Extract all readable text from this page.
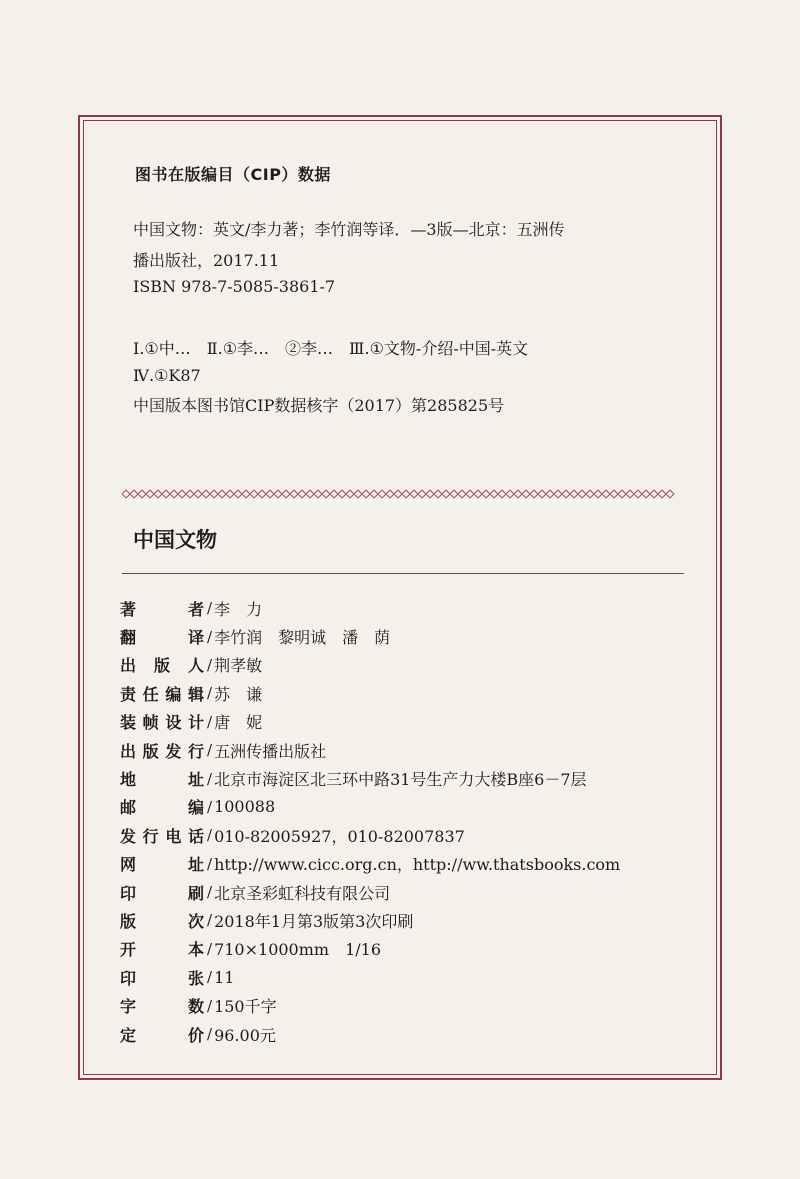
图书在版编目（CIP）数据
中国文物：英文/李力著；李竹润等译．—3版—北京：五洲传
播出版社，2017.11
ISBN 978-7-5085-3861-7
Ⅰ.①中…　Ⅱ.①李…　②李…　Ⅲ.①文物-介绍-中国-英文
Ⅳ.①K87
中国版本图书馆CIP数据核字（2017）第285825号
中国文物
著	者 / 李　力
翻	译 / 李竹润　黎明诚　潘　荫
出 版 人 / 荆孝敏
责 任 编 辑 / 苏　谦
装 帧 设 计 / 唐　妮
出 版 发 行 / 五洲传播出版社
地	址 / 北京市海淀区北三环中路31号生产力大楼B座6－7层
邮	编 / 100088
发 行 电 话 / 010-82005927，010-82007837
网	址 / http://www.cicc.org.cn，http://ww.thatsbooks.com
印	刷 / 北京圣彩虹科技有限公司
版	次 / 2018年1月第3版第3次印刷
开	本 / 710×1000mm　1/16
印	张 / 11
字	数 / 150千字
定	价 / 96.00元
